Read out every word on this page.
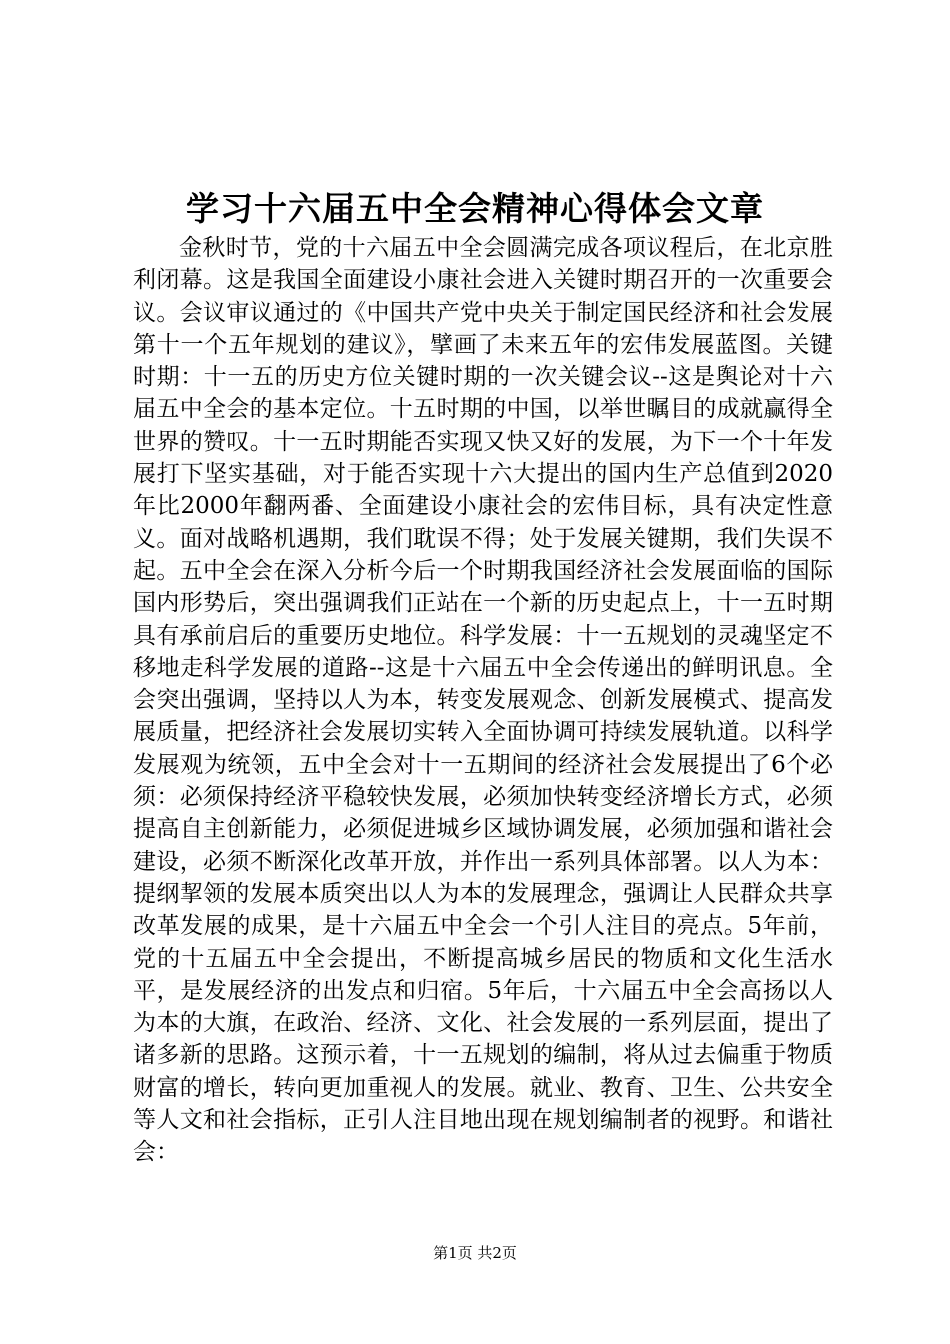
学习十六届五中全会精神心得体会文章

金秋时节，党的十六届五中全会圆满完成各项议程后，在北京胜利闭幕。这是我国全面建设小康社会进入关键时期召开的一次重要会议。会议审议通过的《中国共产党中央关于制定国民经济和社会发展第十一个五年规划的建议》，擘画了未来五年的宏伟发展蓝图。关键时期：十一五的历史方位关键时期的一次关键会议--这是舆论对十六届五中全会的基本定位。十五时期的中国，以举世瞩目的成就赢得全世界的赞叹。十一五时期能否实现又快又好的发展，为下一个十年发展打下坚实基础，对于能否实现十六大提出的国内生产总值到2020年比2000年翻两番、全面建设小康社会的宏伟目标，具有决定性意义。面对战略机遇期，我们耽误不得；处于发展关键期，我们失误不起。五中全会在深入分析今后一个时期我国经济社会发展面临的国际国内形势后，突出强调我们正站在一个新的历史起点上，十一五时期具有承前启后的重要历史地位。科学发展：十一五规划的灵魂坚定不移地走科学发展的道路--这是十六届五中全会传递出的鲜明讯息。全会突出强调，坚持以人为本，转变发展观念、创新发展模式、提高发展质量，把经济社会发展切实转入全面协调可持续发展轨道。以科学发展观为统领，五中全会对十一五期间的经济社会发展提出了6个必须：必须保持经济平稳较快发展，必须加快转变经济增长方式，必须提高自主创新能力，必须促进城乡区域协调发展，必须加强和谐社会建设，必须不断深化改革开放，并作出一系列具体部署。以人为本：提纲挈领的发展本质突出以人为本的发展理念，强调让人民群众共享改革发展的成果，是十六届五中全会一个引人注目的亮点。5年前，党的十五届五中全会提出，不断提高城乡居民的物质和文化生活水平，是发展经济的出发点和归宿。5年后，十六届五中全会高扬以人为本的大旗，在政治、经济、文化、社会发展的一系列层面，提出了诸多新的思路。这预示着，十一五规划的编制，将从过去偏重于物质财富的增长，转向更加重视人的发展。就业、教育、卫生、公共安全等人文和社会指标，正引人注目地出现在规划编制者的视野。和谐社会：

第1页 共2页
